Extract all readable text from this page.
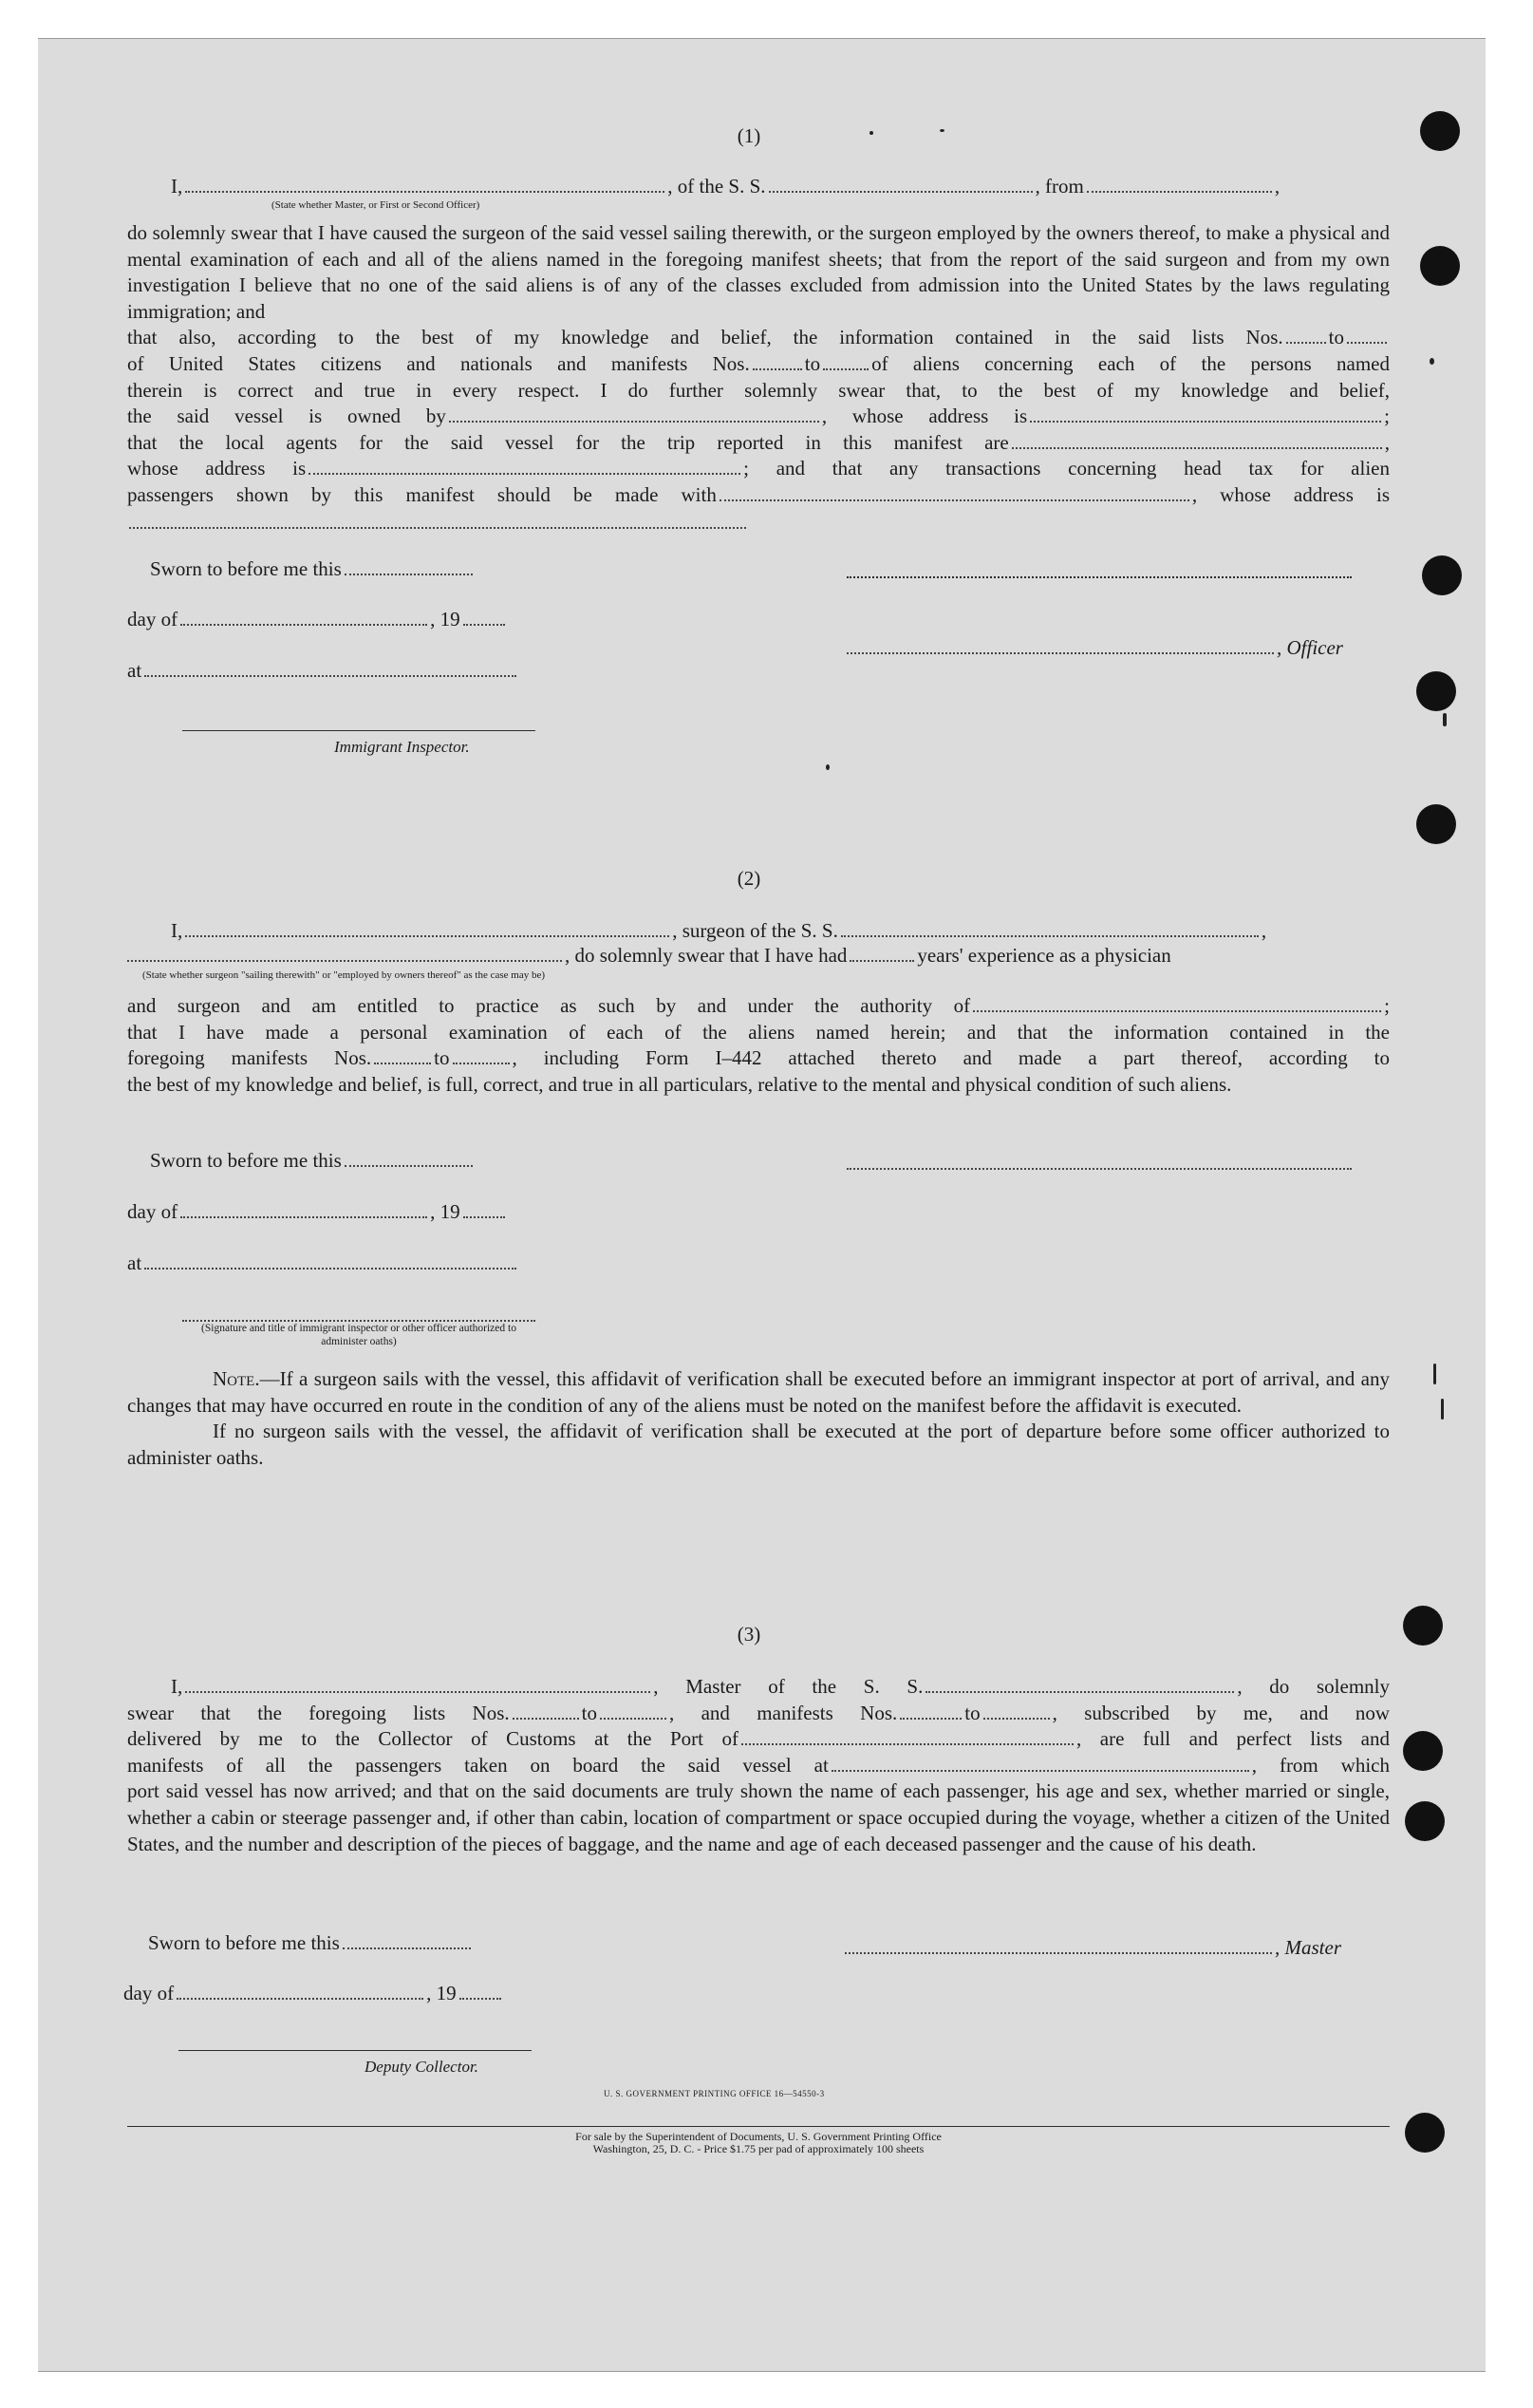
(1)
I,	, of the S. S.	, from	,
(State whether Master, or First or Second Officer)

do solemnly swear that I have caused the surgeon of the said vessel sailing therewith, or the surgeon employed by the owners thereof, to make a physical and mental examination of each and all of the aliens named in the foregoing manifest sheets; that from the report of the said surgeon and from my own investigation I believe that no one of the said aliens is of any of the classes excluded from admission into the United States by the laws regulating immigration; and

that also, according to the best of my knowledge and belief, the information contained in the said lists Nos. to

of United States citizens and nationals and manifests Nos.	to	of aliens concerning each of the persons named

therein is correct and true in every respect. I do further solemnly swear that, to the best of my knowledge and belief,

the said vessel is owned by	, whose address is	;

that the local agents for the said vessel for the trip reported in this manifest are	,

whose address is	; and that any transactions concerning head tax for alien

passengers shown by this manifest should be made with	, whose address is

Sworn to before me this
day of	, 19
at
Immigrant Inspector.
, Officer
(2)
I,	, surgeon of the S. S.	,
, do solemnly swear that I have had	years' experience as a physician
(State whether surgeon "sailing therewith" or "employed by owners thereof" as the case may be)

and surgeon and am entitled to practice as such by and under the authority of	;

that I have made a personal examination of each of the aliens named herein; and that the information contained in the

foregoing manifests Nos.	to	, including Form I–442 attached thereto and made a part thereof, according to

the best of my knowledge and belief, is full, correct, and true in all particulars, relative to the mental and physical condition of such aliens.

Sworn to before me this
day of	, 19
at
(Signature and title of immigrant inspector or other officer authorized to administer oaths)

Note.—If a surgeon sails with the vessel, this affidavit of verification shall be executed before an immigrant inspector at port of arrival, and any changes that may have occurred en route in the condition of any of the aliens must be noted on the manifest before the affidavit is executed.

If no surgeon sails with the vessel, the affidavit of verification shall be executed at the port of departure before some officer authorized to administer oaths.

(3)

I,	, Master of the S. S.	, do solemnly

swear that the foregoing lists Nos.	to	, and manifests Nos.	to	, subscribed by me, and now

delivered by me to the Collector of Customs at the Port of	, are full and perfect lists and

manifests of all the passengers taken on board the said vessel at	, from which

port said vessel has now arrived; and that on the said documents are truly shown the name of each passenger, his age and sex, whether married or single, whether a cabin or steerage passenger and, if other than cabin, location of compartment or space occupied during the voyage, whether a citizen of the United States, and the number and description of the pieces of baggage, and the name and age of each deceased passenger and the cause of his death.

Sworn to before me this	, Master
day of	, 19
Deputy Collector.
U. S. GOVERNMENT PRINTING OFFICE 16—54550-3
For sale by the Superintendent of Documents, U. S. Government Printing Office
Washington, 25, D. C. - Price $1.75 per pad of approximately 100 sheets
